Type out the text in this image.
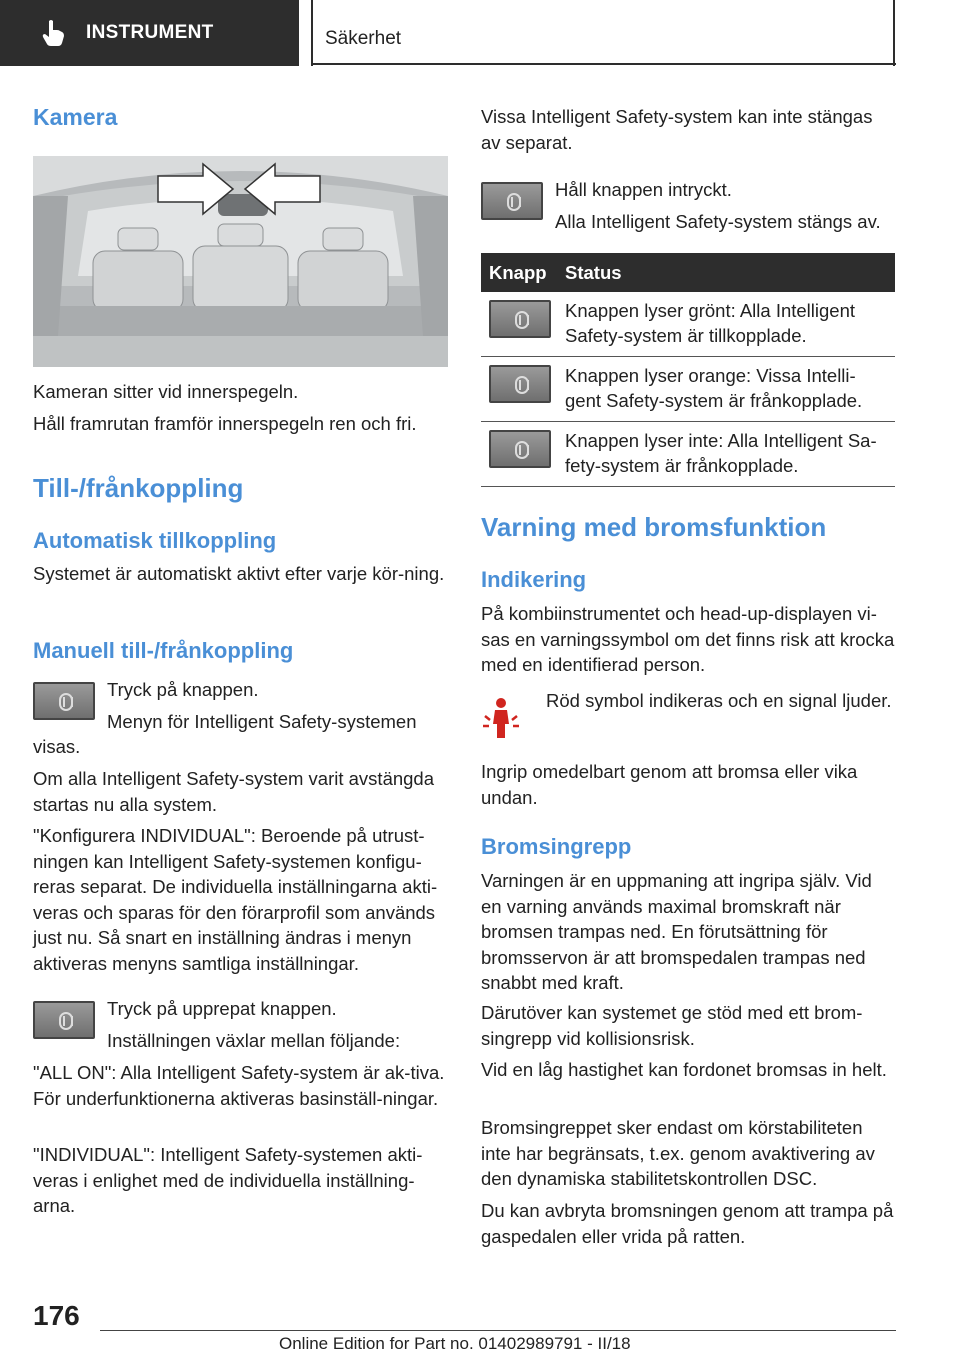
INSTRUMENT	Säkerhet
Kamera
Kameran sitter vid innerspegeln.
Håll framrutan framför innerspegeln ren och fri.
Till-/frånkoppling
Automatisk tillkoppling
Systemet är automatiskt aktivt efter varje kör-ning.
Manuell till-/frånkoppling
Tryck på knappen.
Menyn för Intelligent Safety-systemen
visas.
Om alla Intelligent Safety-system varit avstängda startas nu alla system.
"Konfigurera INDIVIDUAL": Beroende på utrust-ningen kan Intelligent Safety-systemen konfigu-reras separat. De individuella inställningarna akti-veras och sparas för den förarprofil som används just nu. Så snart en inställning ändras i menyn aktiveras menyns samtliga inställningar.
Tryck på upprepat knappen.
Inställningen växlar mellan följande:
"ALL ON": Alla Intelligent Safety-system är ak-tiva. För underfunktionerna aktiveras basinställ-ningar.
"INDIVIDUAL": Intelligent Safety-systemen akti-veras i enlighet med de individuella inställning-arna.
Vissa Intelligent Safety-system kan inte stängas av separat.
Håll knappen intryckt.
Alla Intelligent Safety-system stängs av.
Knapp	Status

	Knappen lyser grönt: Alla Intelligent Safety-system är tillkopplade.

	Knappen lyser orange: Vissa Intelli-gent Safety-system är frånkopplade.

	Knappen lyser inte: Alla Intelligent Sa-fety-system är frånkopplade.
Varning med bromsfunktion
Indikering
På kombiinstrumentet och head-up-displayen vi-sas en varningssymbol om det finns risk att krocka med en identifierad person.
Röd symbol indikeras och en signal ljuder.
Ingrip omedelbart genom att bromsa eller vika undan.
Bromsingrepp
Varningen är en uppmaning att ingripa själv. Vid en varning används maximal bromskraft när bromsen trampas ned. En förutsättning för bromsservon är att bromspedalen trampas ned snabbt med kraft.
Därutöver kan systemet ge stöd med ett brom-singrepp vid kollisionsrisk.
Vid en låg hastighet kan fordonet bromsas in helt.
Bromsingreppet sker endast om körstabiliteten inte har begränsats, t.ex. genom avaktivering av den dynamiska stabilitetskontrollen DSC.
Du kan avbryta bromsningen genom att trampa på gaspedalen eller vrida på ratten.
176
Online Edition for Part no. 01402989791 - II/18
